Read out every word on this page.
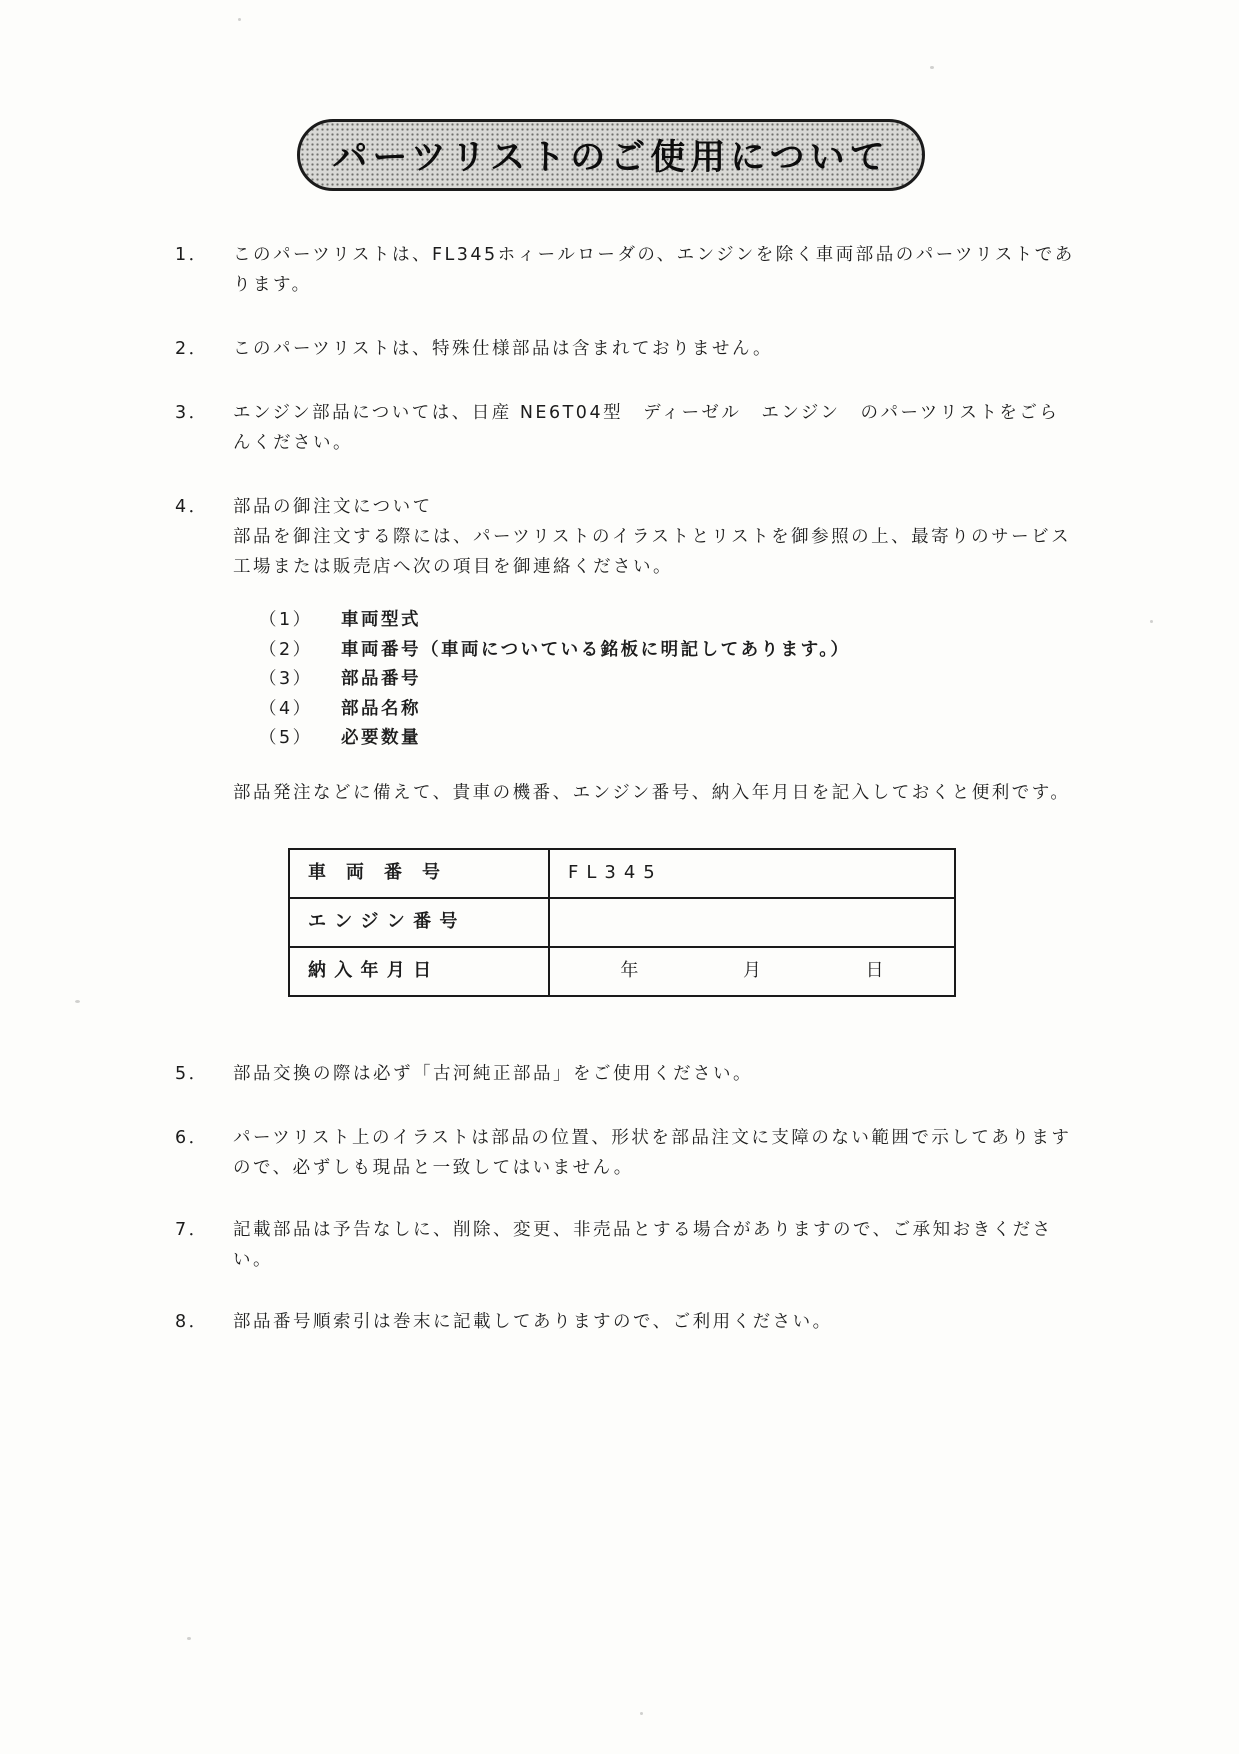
パーツリストのご使用について
1．	このパーツリストは、FL345ホィールローダの、エンジンを除く車両部品のパーツリストであります。
2．	このパーツリストは、特殊仕様部品は含まれておりません。
3．	エンジン部品については、日産 NE6T04型　ディーゼル　エンジン　のパーツリストをごらんください。
4．	部品の御注文について
部品を御注文する際には、パーツリストのイラストとリストを御参照の上、最寄りのサービス工場または販売店へ次の項目を御連絡ください。
（1）	車両型式
（2）	車両番号（車両についている銘板に明記してあります。）
（3）	部品番号
（4）	部品名称
（5）	必要数量
部品発注などに備えて、貴車の機番、エンジン番号、納入年月日を記入しておくと便利です。
車　両　番　号	FL345
エ ン ジ ン 番 号	
納 入 年 月 日	年 月 日
5．	部品交換の際は必ず「古河純正部品」をご使用ください。
6．	パーツリスト上のイラストは部品の位置、形状を部品注文に支障のない範囲で示してありますので、必ずしも現品と一致してはいません。
7．	記載部品は予告なしに、削除、変更、非売品とする場合がありますので、ご承知おきください。
8．	部品番号順索引は巻末に記載してありますので、ご利用ください。
